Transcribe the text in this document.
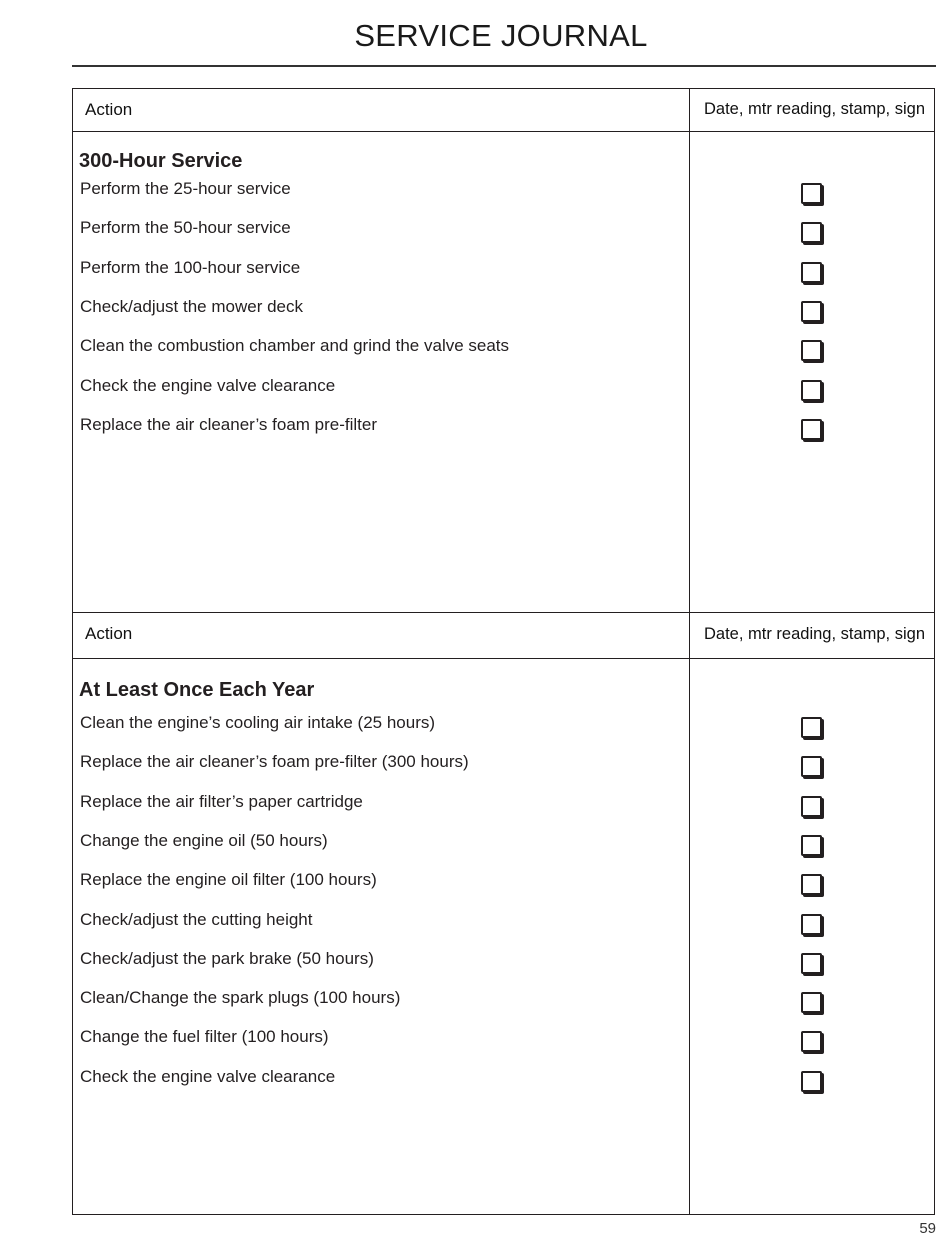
SERVICE JOURNAL
Action	Date, mtr reading, stamp, sign
300-Hour Service
Perform the 25-hour service
Perform the 50-hour service
Perform the 100-hour service
Check/adjust the mower deck
Clean the combustion chamber and grind the valve seats
Check the engine valve clearance
Replace the air cleaner’s foam pre-filter
Action	Date, mtr reading, stamp, sign
At Least Once Each Year
Clean the engine’s cooling air intake (25 hours)
Replace the air cleaner’s foam pre-filter (300 hours)
Replace the air filter’s paper cartridge
Change the engine oil (50 hours)
Replace the engine oil filter (100 hours)
Check/adjust the cutting height
Check/adjust the park brake (50 hours)
Clean/Change the spark plugs (100 hours)
Change the fuel filter (100 hours)
Check the engine valve clearance
59
